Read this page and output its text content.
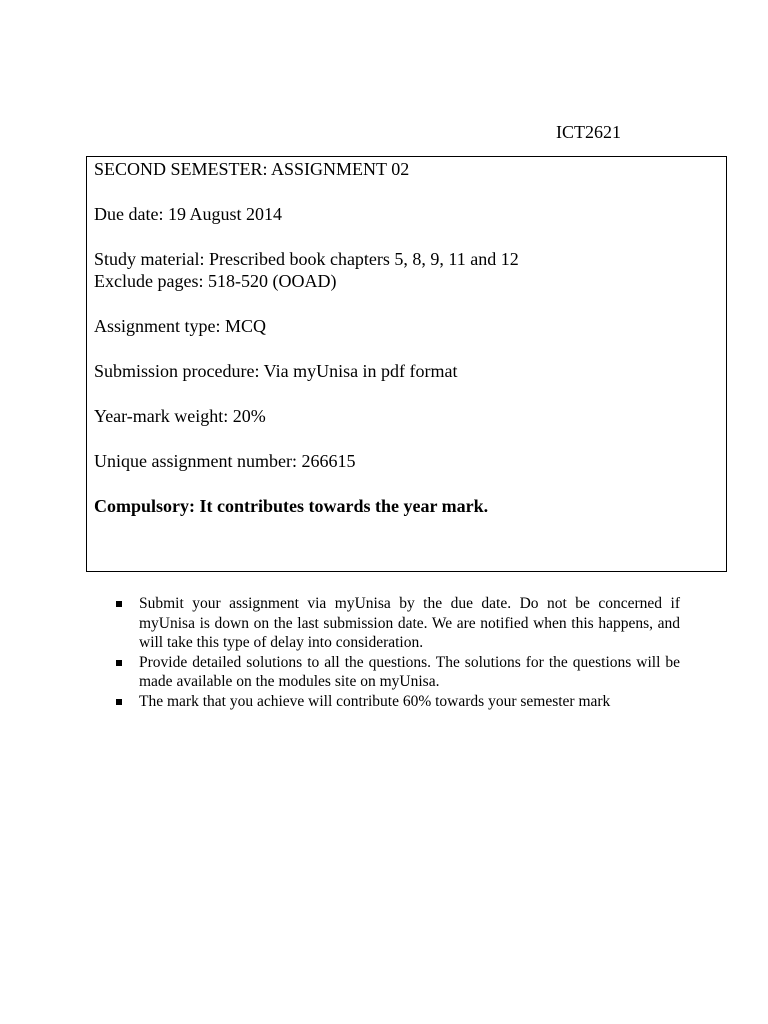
ICT2621
SECOND SEMESTER: ASSIGNMENT 02
Due date: 19 August 2014
Study material: Prescribed book chapters 5, 8, 9, 11 and 12
Exclude pages: 518-520 (OOAD)
Assignment type: MCQ
Submission procedure: Via myUnisa in pdf format
Year-mark weight: 20%
Unique assignment number: 266615
Compulsory: It contributes towards the year mark.
Submit your assignment via myUnisa by the due date. Do not be concerned if myUnisa is down on the last submission date. We are notified when this happens, and will take this type of delay into consideration.
Provide detailed solutions to all the questions. The solutions for the questions will be made available on the modules site on myUnisa.
The mark that you achieve will contribute 60% towards your semester mark
